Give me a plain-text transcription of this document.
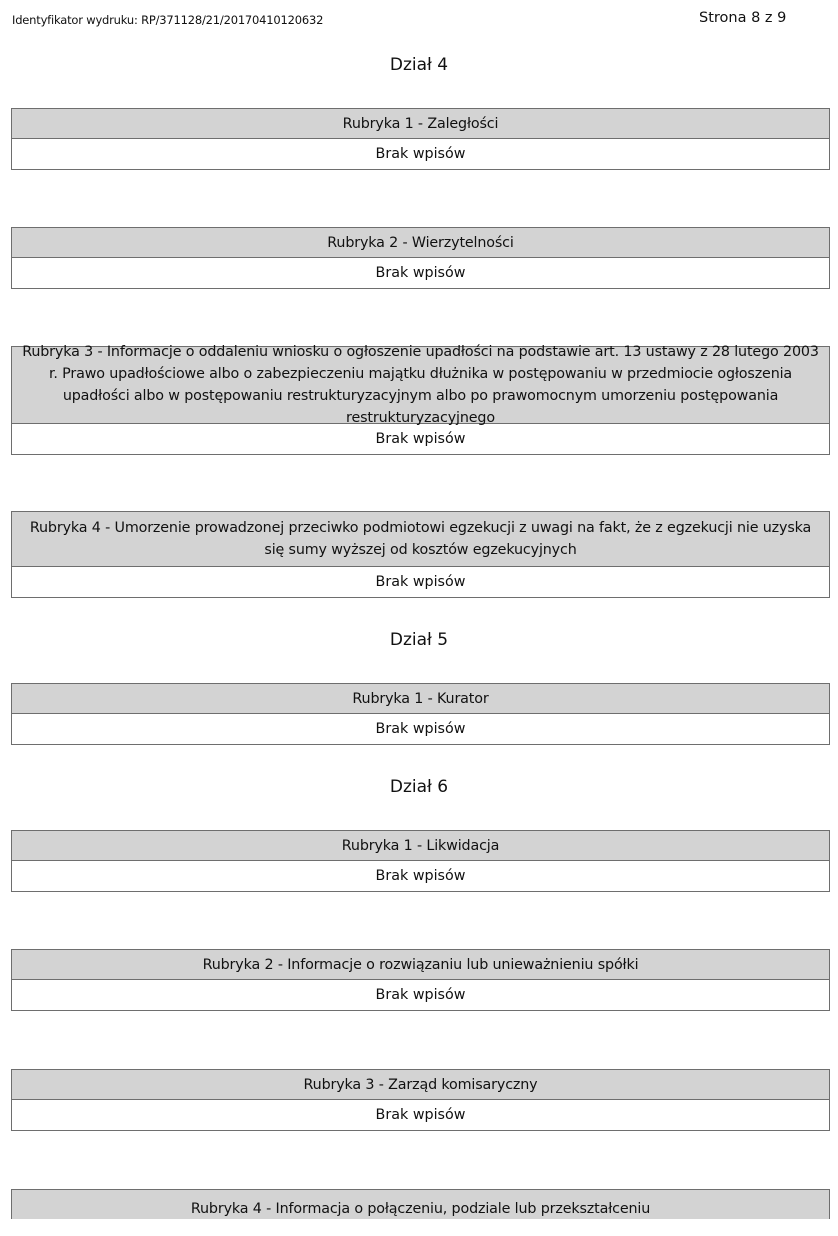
Identyfikator wydruku: RP/371128/21/20170410120632	Strona 8 z 9
Dział 4
Rubryka 1 - Zaległości
Brak wpisów
Rubryka 2 - Wierzytelności
Brak wpisów
Rubryka 3 - Informacje o oddaleniu wniosku o ogłoszenie upadłości na podstawie art. 13 ustawy z 28 lutego 2003 r. Prawo upadłościowe albo o zabezpieczeniu majątku dłużnika w postępowaniu w przedmiocie ogłoszenia upadłości albo w postępowaniu restrukturyzacyjnym albo po prawomocnym umorzeniu postępowania restrukturyzacyjnego
Brak wpisów
Rubryka 4 - Umorzenie prowadzonej przeciwko podmiotowi egzekucji z uwagi na fakt, że z egzekucji nie uzyska się sumy wyższej od kosztów egzekucyjnych
Brak wpisów
Dział 5
Rubryka 1 - Kurator
Brak wpisów
Dział 6
Rubryka 1 - Likwidacja
Brak wpisów
Rubryka 2 - Informacje o rozwiązaniu lub unieważnieniu spółki
Brak wpisów
Rubryka 3 - Zarząd komisaryczny
Brak wpisów
Rubryka 4 - Informacja o połączeniu, podziale lub przekształceniu
